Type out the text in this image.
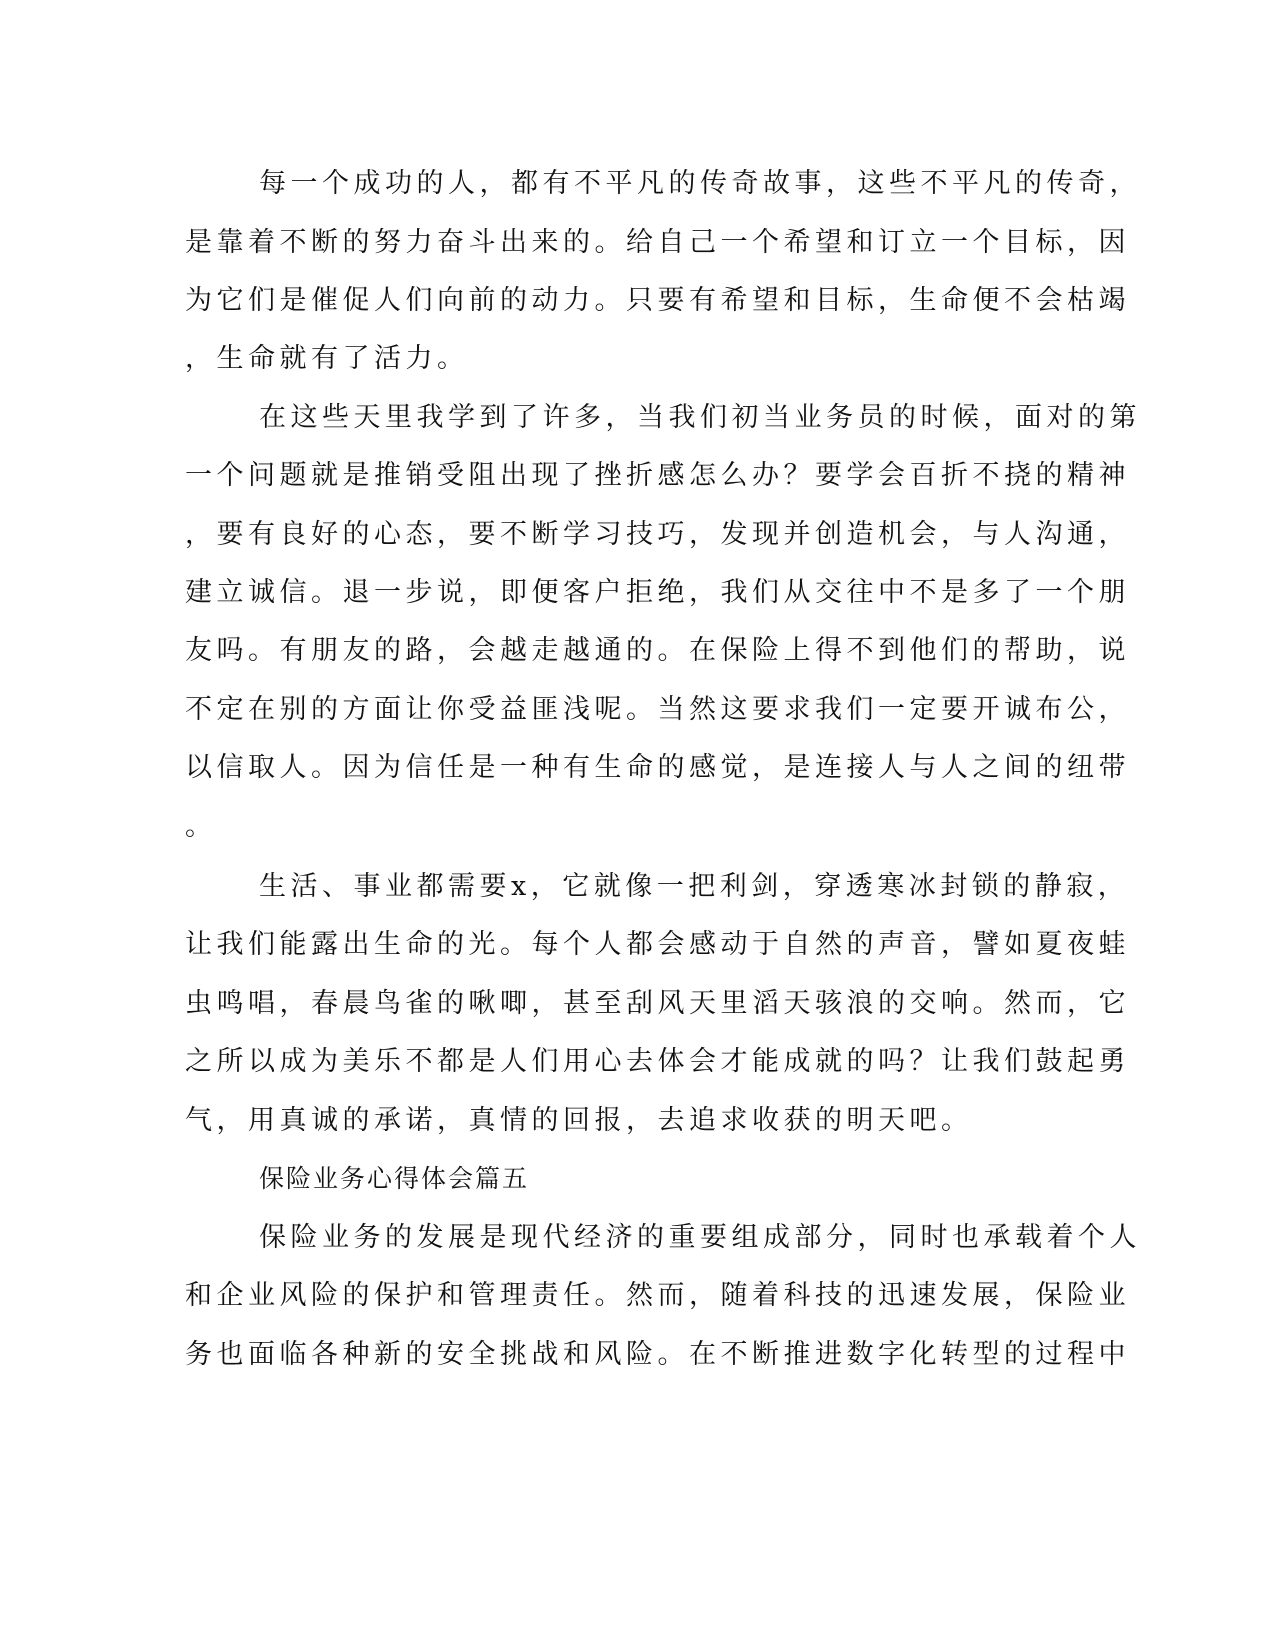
每一个成功的人，都有不平凡的传奇故事，这些不平凡的传奇，
是靠着不断的努力奋斗出来的。给自己一个希望和订立一个目标，因
为它们是催促人们向前的动力。只要有希望和目标，生命便不会枯竭
，生命就有了活力。
在这些天里我学到了许多，当我们初当业务员的时候，面对的第
一个问题就是推销受阻出现了挫折感怎么办？要学会百折不挠的精神
，要有良好的心态，要不断学习技巧，发现并创造机会，与人沟通，
建立诚信。退一步说，即便客户拒绝，我们从交往中不是多了一个朋
友吗。有朋友的路，会越走越通的。在保险上得不到他们的帮助，说
不定在别的方面让你受益匪浅呢。当然这要求我们一定要开诚布公，
以信取人。因为信任是一种有生命的感觉，是连接人与人之间的纽带
。
生活、事业都需要x，它就像一把利剑，穿透寒冰封锁的静寂，
让我们能露出生命的光。每个人都会感动于自然的声音，譬如夏夜蛙
虫鸣唱，春晨鸟雀的啾唧，甚至刮风天里滔天骇浪的交响。然而，它
之所以成为美乐不都是人们用心去体会才能成就的吗？让我们鼓起勇
气，用真诚的承诺，真情的回报，去追求收获的明天吧。
保险业务心得体会篇五
保险业务的发展是现代经济的重要组成部分，同时也承载着个人
和企业风险的保护和管理责任。然而，随着科技的迅速发展，保险业
务也面临各种新的安全挑战和风险。在不断推进数字化转型的过程中
